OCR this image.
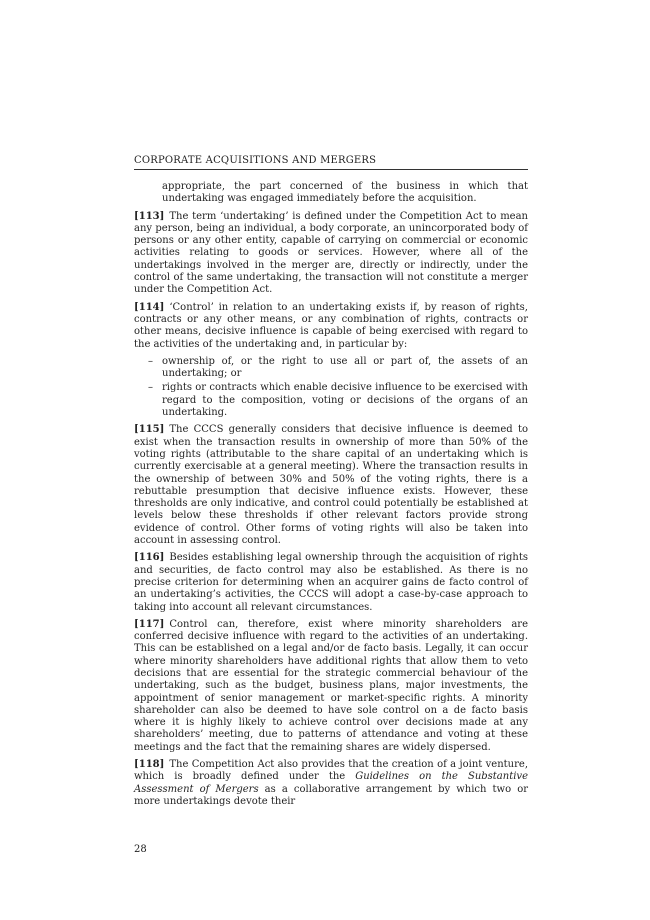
CORPORATE ACQUISITIONS AND MERGERS

appropriate, the part concerned of the business in which that undertaking was engaged immediately before the acquisition.

[113] The term ‘undertaking’ is defined under the Competition Act to mean any person, being an individual, a body corporate, an unincorporated body of persons or any other entity, capable of carrying on commercial or economic activities relating to goods or services. However, where all of the undertakings involved in the merger are, directly or indirectly, under the control of the same undertaking, the transaction will not constitute a merger under the Competition Act.

[114] ‘Control’ in relation to an undertaking exists if, by reason of rights, contracts or any other means, or any combination of rights, contracts or other means, decisive influence is capable of being exercised with regard to the activities of the undertaking and, in particular by:

– ownership of, or the right to use all or part of, the assets of an undertaking; or
– rights or contracts which enable decisive influence to be exercised with regard to the composition, voting or decisions of the organs of an undertaking.

[115] The CCCS generally considers that decisive influence is deemed to exist when the transaction results in ownership of more than 50% of the voting rights (attributable to the share capital of an undertaking which is currently exercisable at a general meeting). Where the transaction results in the ownership of between 30% and 50% of the voting rights, there is a rebuttable presumption that decisive influence exists. However, these thresholds are only indicative, and control could potentially be established at levels below these thresholds if other relevant factors provide strong evidence of control. Other forms of voting rights will also be taken into account in assessing control.

[116] Besides establishing legal ownership through the acquisition of rights and securities, de facto control may also be established. As there is no precise criterion for determining when an acquirer gains de facto control of an undertaking’s activities, the CCCS will adopt a case-by-case approach to taking into account all relevant circumstances.

[117] Control can, therefore, exist where minority shareholders are conferred decisive influence with regard to the activities of an undertaking. This can be established on a legal and/or de facto basis. Legally, it can occur where minority shareholders have additional rights that allow them to veto decisions that are essential for the strategic commercial behaviour of the undertaking, such as the budget, business plans, major investments, the appointment of senior management or market-specific rights. A minority shareholder can also be deemed to have sole control on a de facto basis where it is highly likely to achieve control over decisions made at any shareholders’ meeting, due to patterns of attendance and voting at these meetings and the fact that the remaining shares are widely dispersed.

[118] The Competition Act also provides that the creation of a joint venture, which is broadly defined under the Guidelines on the Substantive Assessment of Mergers as a collaborative arrangement by which two or more undertakings devote their

28
